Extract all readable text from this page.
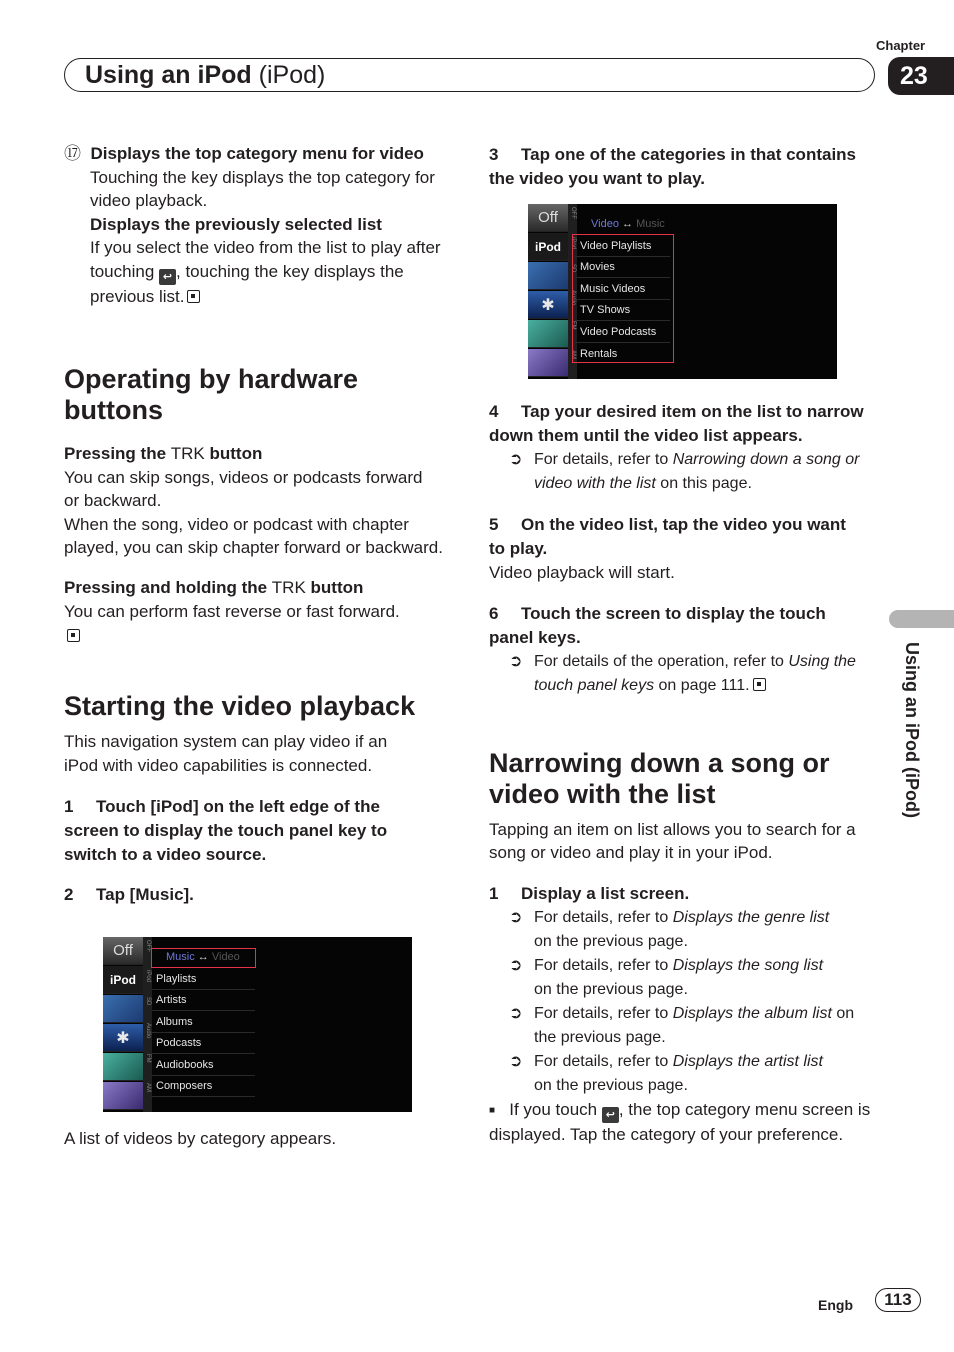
Chapter
23
Using an iPod
(iPod)
Using an iPod (iPod)

⑰ Displays the top category menu for video

Touching the key displays the top category for video playback.

Displays the previously selected list

If you select the video from the list to play after touching ↩ , touching the key displays the previous list.

Operating by hardware buttons

Pressing the TRK button

You can skip songs, videos or podcasts forward or backward.

When the song, video or podcast with chapter played, you can skip chapter forward or backward.

Pressing and holding the TRK button

You can perform fast reverse or fast forward.

Starting the video playback

This navigation system can play video if an iPod with video capabilities is connected.

1 Touch [iPod] on the left edge of the screen to display the touch panel key to switch to a video source.

2 Tap [Music].

Off
iPod
✱
OFF
iPod
SD
Audio
FM
AM
Music ↔ Video
Playlists
Artists
Albums
Podcasts
Audiobooks
Composers

A list of videos by category appears.

3 Tap one of the categories in that contains the video you want to play.

Off
iPod
✱
OFF
iPod
SD
Audio
FM
AM
Video ↔ Music
Video Playlists
Movies
Music Videos
TV Shows
Video Podcasts
Rentals

4 Tap your desired item on the list to narrow down them until the video list appears.

➲ For details, refer to Narrowing down a song or video with the list on this page.

5 On the video list, tap the video you want to play.

Video playback will start.

6 Touch the screen to display the touch panel keys.

➲ For details of the operation, refer to Using the touch panel keys on page 111.

Narrowing down a song or video with the list

Tapping an item on list allows you to search for a song or video and play it in your iPod.

1 Display a list screen.

➲ For details, refer to Displays the genre list
on the previous page.

➲ For details, refer to Displays the song list
on the previous page.

➲ For details, refer to Displays the album list on the previous page.

➲ For details, refer to Displays the artist list
on the previous page.

■ If you touch ↩ , the top category menu screen is displayed. Tap the category of your preference.

Engb	113
